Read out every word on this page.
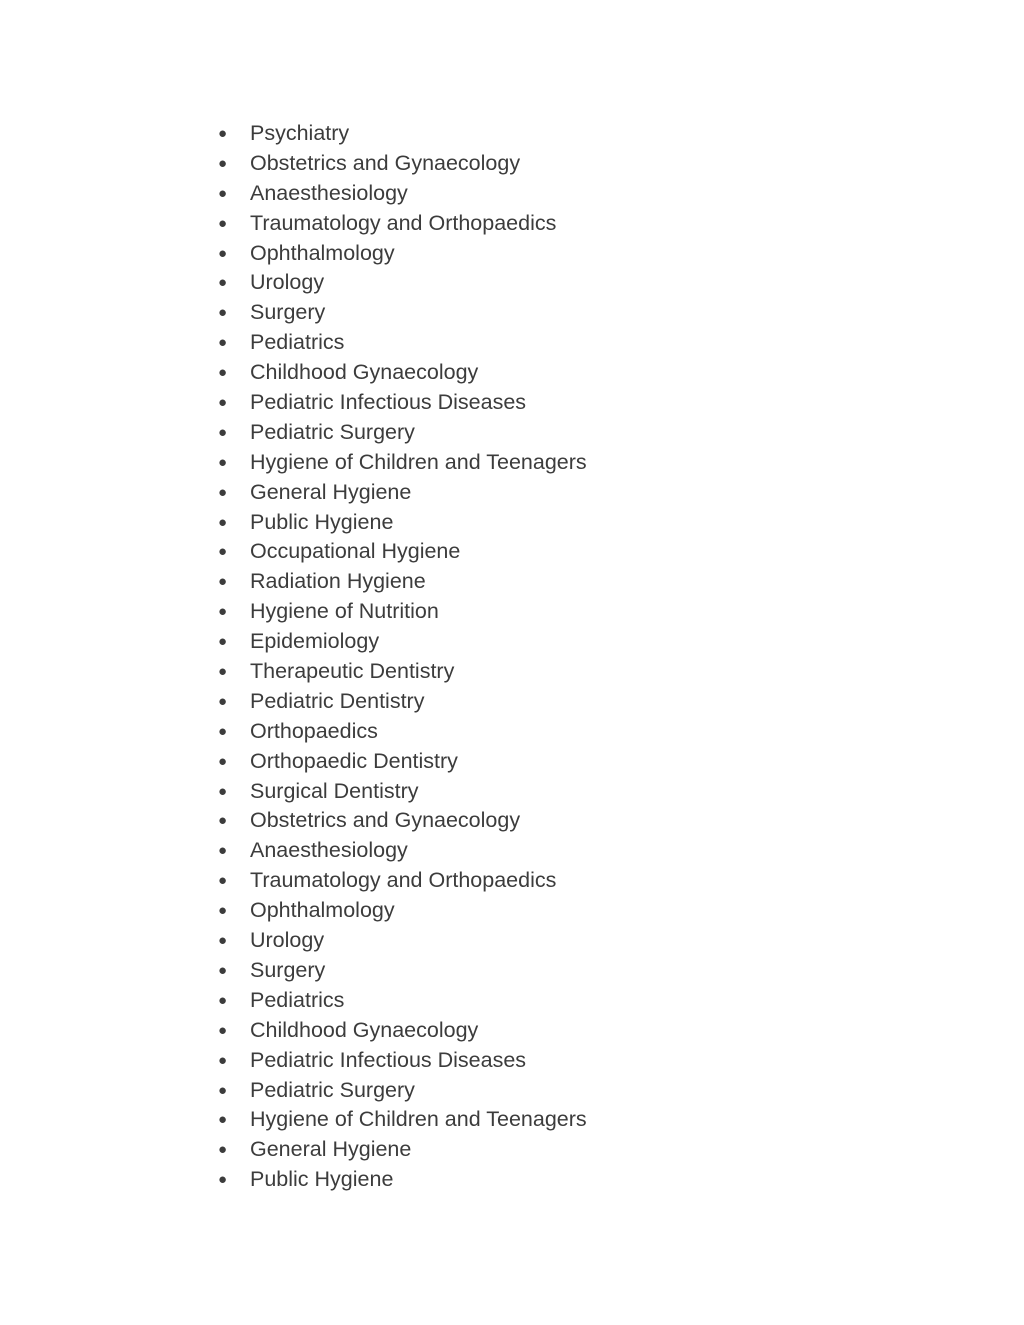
● Psychiatry
● Obstetrics and Gynaecology
● Anaesthesiology
● Traumatology and Orthopaedics
● Ophthalmology
● Urology
● Surgery
● Pediatrics
● Childhood Gynaecology
● Pediatric Infectious Diseases
● Pediatric Surgery
● Hygiene of Children and Teenagers
● General Hygiene
● Public Hygiene
● Occupational Hygiene
● Radiation Hygiene
● Hygiene of Nutrition
● Epidemiology
● Therapeutic Dentistry
● Pediatric Dentistry
● Orthopaedics
● Orthopaedic Dentistry
● Surgical Dentistry
● Obstetrics and Gynaecology
● Anaesthesiology
● Traumatology and Orthopaedics
● Ophthalmology
● Urology
● Surgery
● Pediatrics
● Childhood Gynaecology
● Pediatric Infectious Diseases
● Pediatric Surgery
● Hygiene of Children and Teenagers
● General Hygiene
● Public Hygiene
